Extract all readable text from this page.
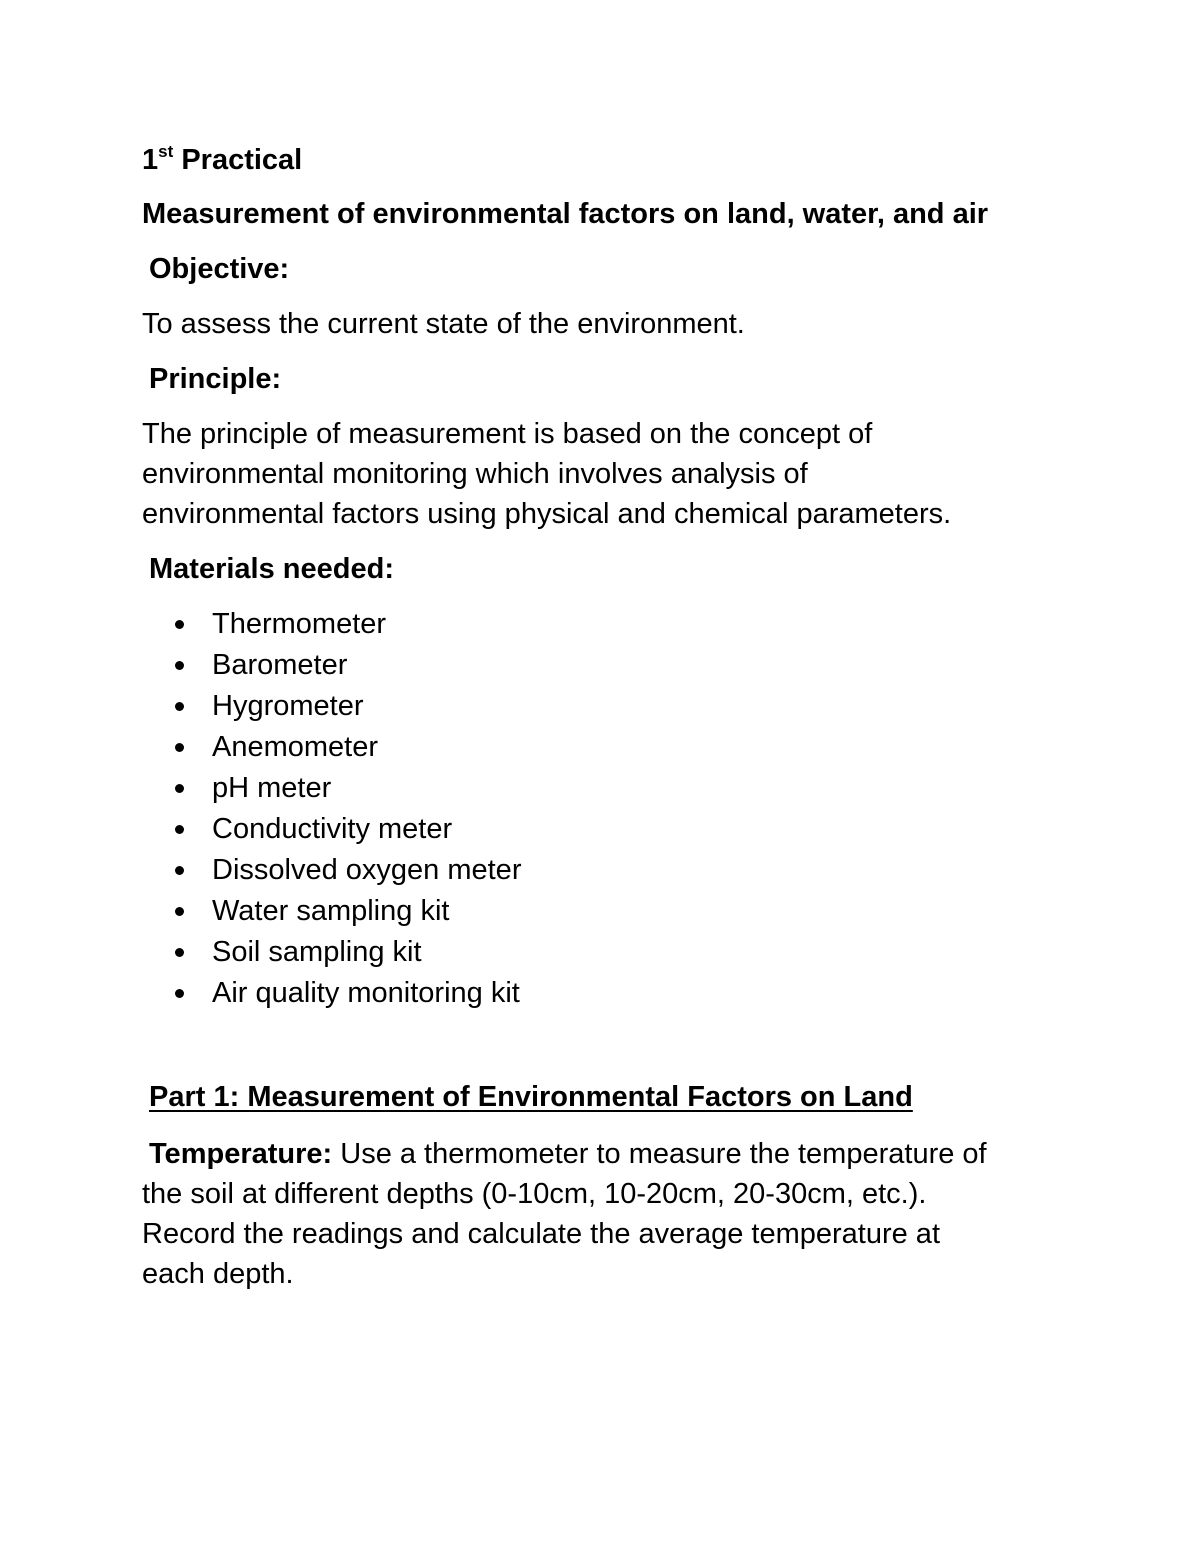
1st Practical

Measurement of environmental factors on land, water, and air

Objective:

To assess the current state of the environment.

Principle:

The principle of measurement is based on the concept of

environmental monitoring which involves analysis of

environmental factors using physical and chemical parameters.

Materials needed:

Thermometer
Barometer
Hygrometer
Anemometer
pH meter
Conductivity meter
Dissolved oxygen meter
Water sampling kit
Soil sampling kit
Air quality monitoring kit

Part 1: Measurement of Environmental Factors on Land

Temperature: Use a thermometer to measure the temperature of

the soil at different depths (0-10cm, 10-20cm, 20-30cm, etc.).

Record the readings and calculate the average temperature at

each depth.
